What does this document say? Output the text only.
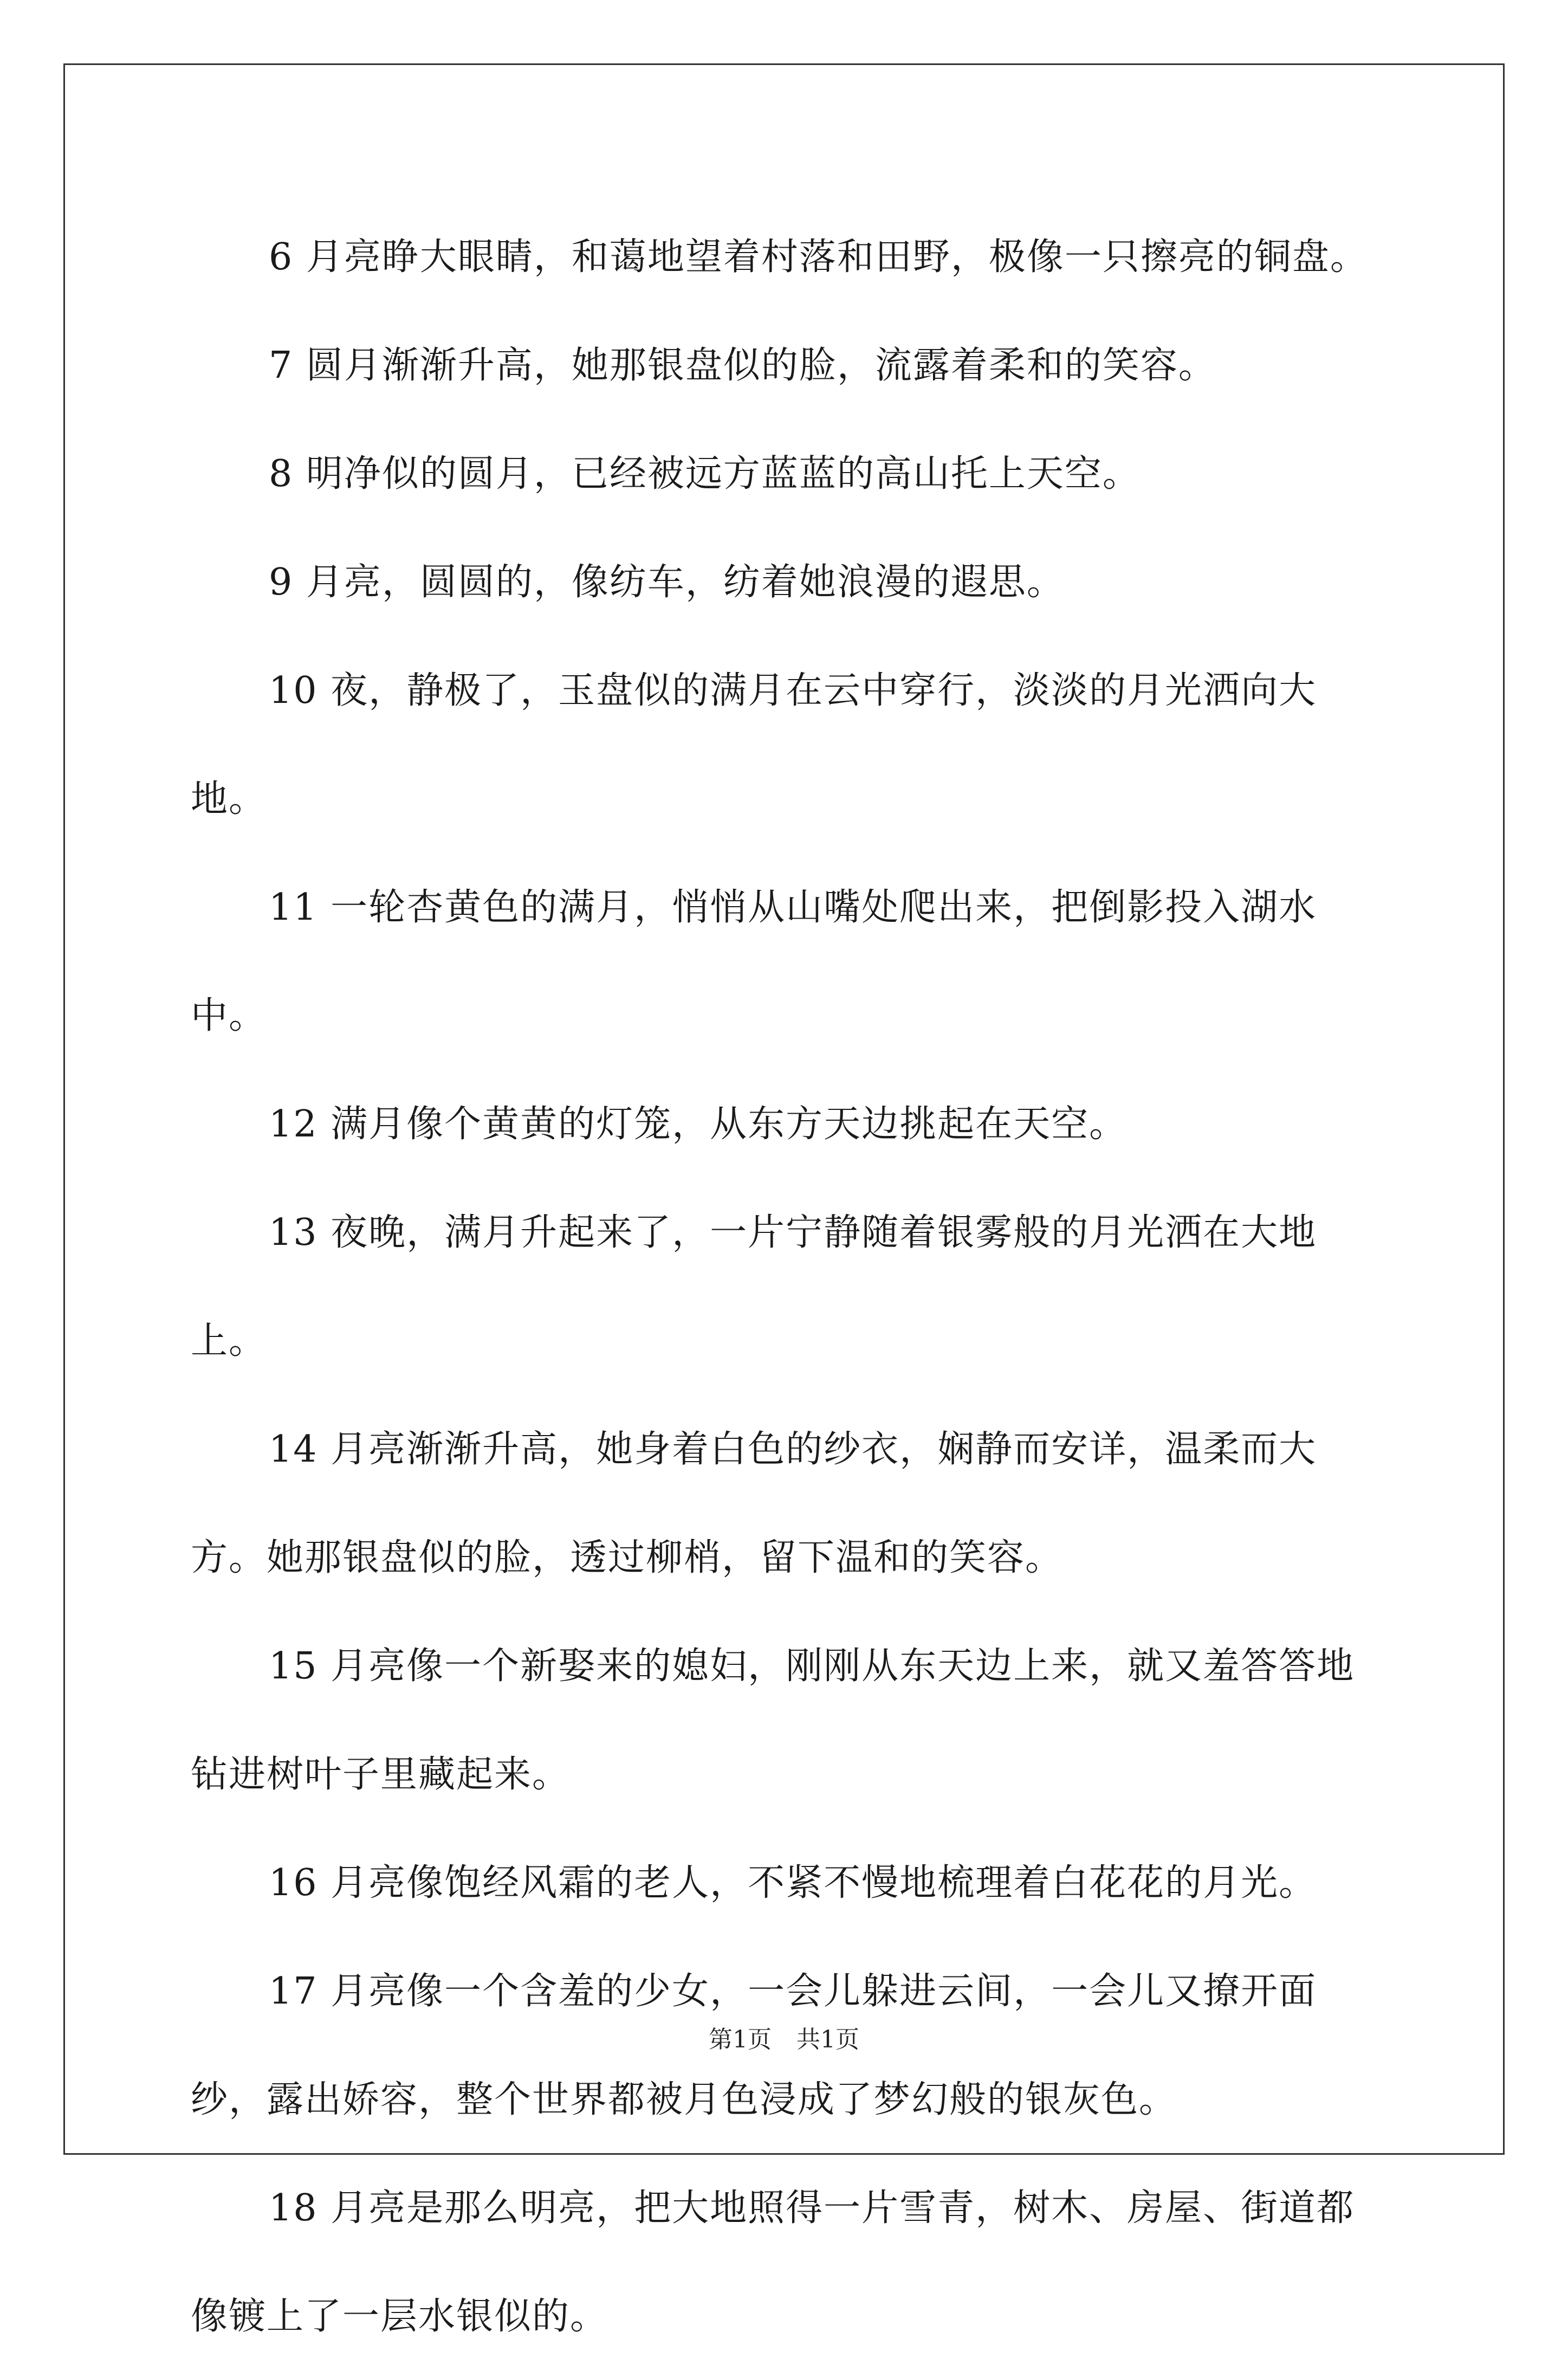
6 月亮睁大眼睛，和蔼地望着村落和田野，极像一只擦亮的铜盘。

7 圆月渐渐升高，她那银盘似的脸，流露着柔和的笑容。

8 明净似的圆月，已经被远方蓝蓝的高山托上天空。

9 月亮，圆圆的，像纺车，纺着她浪漫的遐思。

10 夜，静极了，玉盘似的满月在云中穿行，淡淡的月光洒向大地。

11 一轮杏黄色的满月，悄悄从山嘴处爬出来，把倒影投入湖水中。

12 满月像个黄黄的灯笼，从东方天边挑起在天空。

13 夜晚，满月升起来了，一片宁静随着银雾般的月光洒在大地上。

14 月亮渐渐升高，她身着白色的纱衣，娴静而安详，温柔而大方。她那银盘似的脸，透过柳梢，留下温和的笑容。

15 月亮像一个新娶来的媳妇，刚刚从东天边上来，就又羞答答地钻进树叶子里藏起来。

16 月亮像饱经风霜的老人，不紧不慢地梳理着白花花的月光。

17 月亮像一个含羞的少女，一会儿躲进云间，一会儿又撩开面纱，露出娇容，整个世界都被月色浸成了梦幻般的银灰色。

18 月亮是那么明亮，把大地照得一片雪青，树木、房屋、街道都像镀上了一层水银似的。

第1页 共1页
